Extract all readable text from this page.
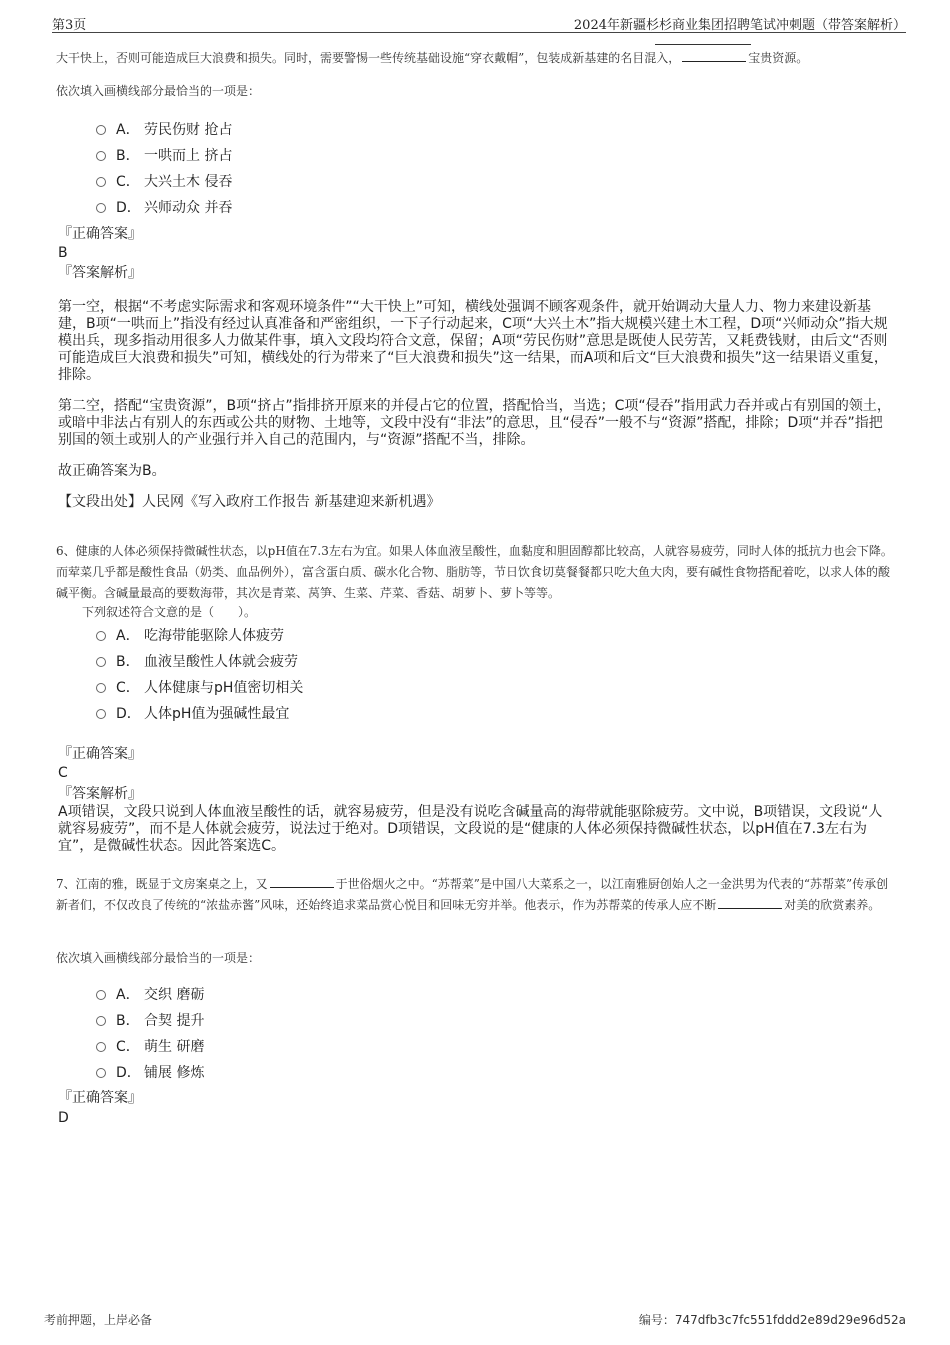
第3页	2024年新疆杉杉商业集团招聘笔试冲刺题（带答案解析）
大干快上，否则可能造成巨大浪费和损失。同时，需要警惕一些传统基础设施“穿衣戴帽”，包装成新基建的名目混入，	宝贵资源。
依次填入画横线部分最恰当的一项是：
A． 劳民伤财 抢占
B． 一哄而上 挤占
C． 大兴土木 侵吞
D． 兴师动众 并吞
『正确答案』
B
『答案解析』

第一空，根据“不考虑实际需求和客观环境条件”“大干快上”可知，横线处强调不顾客观条件，就开始调动大量人力、物力来建设新基建，B项“一哄而上”指没有经过认真准备和严密组织，一下子行动起来，C项“大兴土木”指大规模兴建土木工程，D项“兴师动众”指大规模出兵，现多指动用很多人力做某件事，填入文段均符合文意，保留；A项“劳民伤财”意思是既使人民劳苦，又耗费钱财，由后文“否则可能造成巨大浪费和损失”可知，横线处的行为带来了“巨大浪费和损失”这一结果，而A项和后文“巨大浪费和损失”这一结果语义重复，排除。

第二空，搭配“宝贵资源”，B项“挤占”指排挤开原来的并侵占它的位置，搭配恰当，当选；C项“侵吞”指用武力吞并或占有别国的领土，或暗中非法占有别人的东西或公共的财物、土地等，文段中没有“非法”的意思，且“侵吞”一般不与“资源”搭配，排除；D项“并吞”指把别国的领土或别人的产业强行并入自己的范围内，与“资源”搭配不当，排除。

故正确答案为B。

【文段出处】人民网《写入政府工作报告 新基建迎来新机遇》

6、健康的人体必须保持微碱性状态，以pH值在7.3左右为宜。如果人体血液呈酸性，血黏度和胆固醇都比较高，人就容易疲劳，同时人体的抵抗力也会下降。而荤菜几乎都是酸性食品（奶类、血品例外），富含蛋白质、碳水化合物、脂肪等，节日饮食切莫餐餐都只吃大鱼大肉，要有碱性食物搭配着吃，以求人体的酸碱平衡。含碱量最高的要数海带，其次是青菜、莴笋、生菜、芹菜、香菇、胡萝卜、萝卜等等。
下列叙述符合文意的是（　　）。
A． 吃海带能驱除人体疲劳
B． 血液呈酸性人体就会疲劳
C． 人体健康与pH值密切相关
D． 人体pH值为强碱性最宜
『正确答案』
C
『答案解析』
A项错误，文段只说到人体血液呈酸性的话，就容易疲劳，但是没有说吃含碱量高的海带就能驱除疲劳。文中说，B项错误，文段说“人就容易疲劳”，而不是人体就会疲劳，说法过于绝对。D项错误，文段说的是“健康的人体必须保持微碱性状态，以pH值在7.3左右为宜”，是微碱性状态。因此答案选C。
7、江南的雅，既显于文房案桌之上，又	于世俗烟火之中。“苏帮菜”是中国八大菜系之一，以江南雅厨创始人之一金洪男为代表的“苏帮菜”传承创新者们，不仅改良了传统的“浓盐赤酱”风味，还始终追求菜品赏心悦目和回味无穷并举。他表示，作为苏帮菜的传承人应不断	对美的欣赏素养。
依次填入画横线部分最恰当的一项是：
A． 交织 磨砺
B． 合契 提升
C． 萌生 研磨
D． 铺展 修炼
『正确答案』
D
考前押题，上岸必备	编号：747dfb3c7fc551fddd2e89d29e96d52a
